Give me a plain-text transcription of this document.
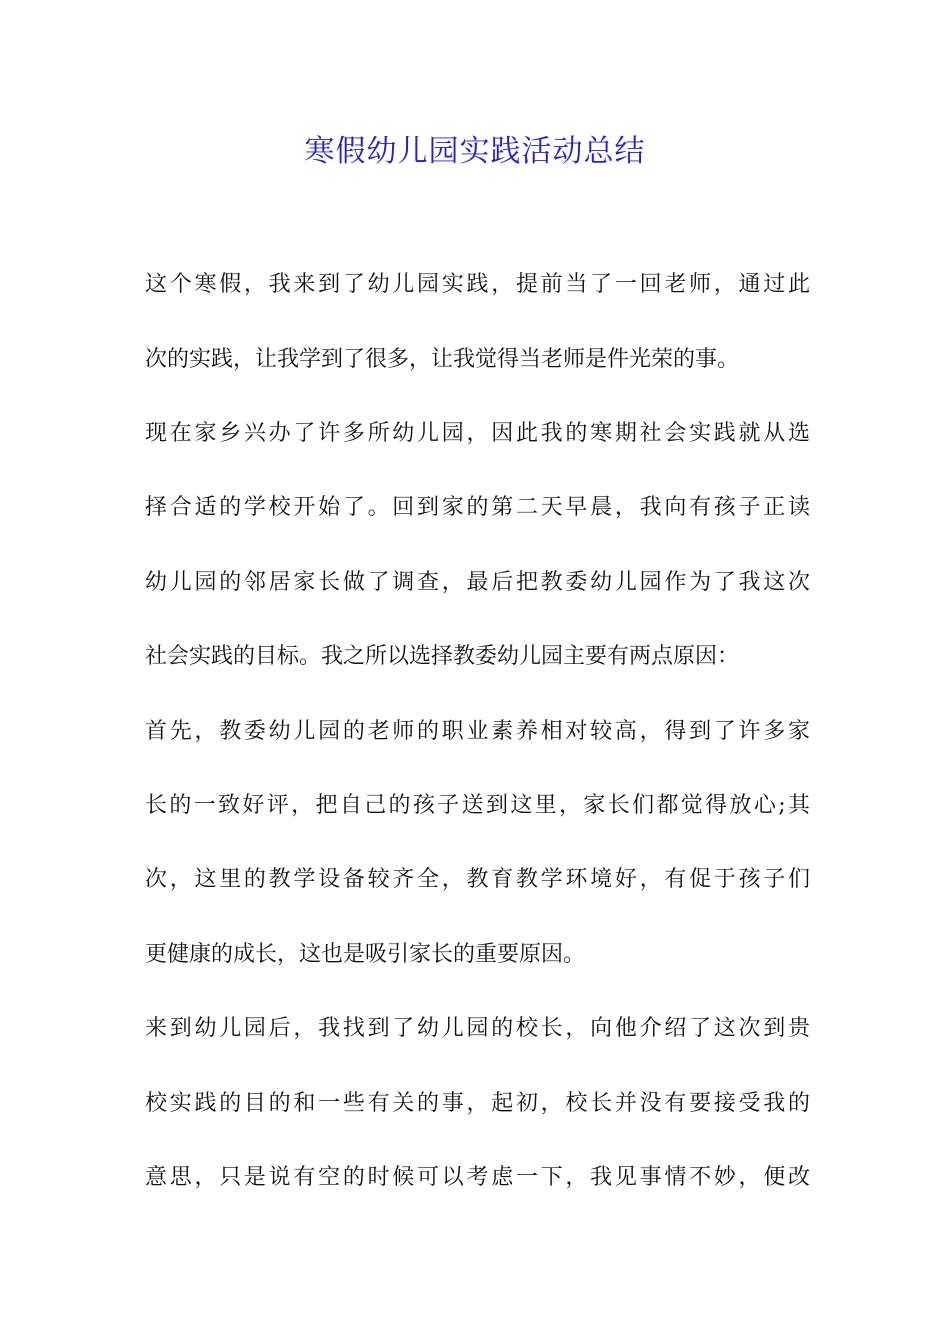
寒假幼儿园实践活动总结
这个寒假，我来到了幼儿园实践，提前当了一回老师，通过此
次的实践，让我学到了很多，让我觉得当老师是件光荣的事。
现在家乡兴办了许多所幼儿园，因此我的寒期社会实践就从选
择合适的学校开始了。回到家的第二天早晨，我向有孩子正读
幼儿园的邻居家长做了调查，最后把教委幼儿园作为了我这次
社会实践的目标。我之所以选择教委幼儿园主要有两点原因：
首先，教委幼儿园的老师的职业素养相对较高，得到了许多家
长的一致好评，把自己的孩子送到这里，家长们都觉得放心;其
次，这里的教学设备较齐全，教育教学环境好，有促于孩子们
更健康的成长，这也是吸引家长的重要原因。
来到幼儿园后，我找到了幼儿园的校长，向他介绍了这次到贵
校实践的目的和一些有关的事，起初，校长并没有要接受我的
意思，只是说有空的时候可以考虑一下，我见事情不妙，便改
